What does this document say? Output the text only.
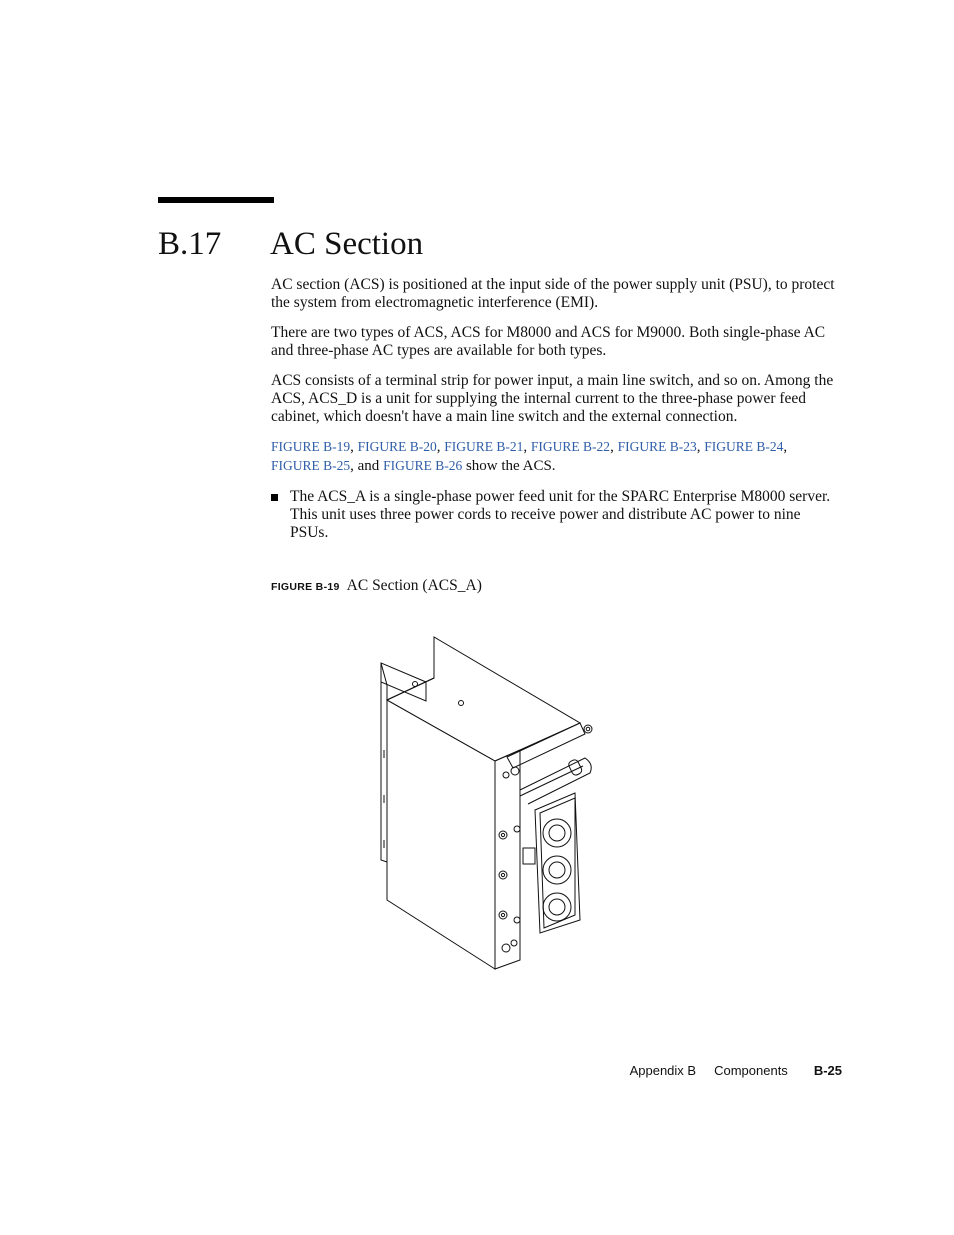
B.17 AC Section

AC section (ACS) is positioned at the input side of the power supply unit (PSU), to protect the system from electromagnetic interference (EMI).

There are two types of ACS, ACS for M8000 and ACS for M9000. Both single-phase AC and three-phase AC types are available for both types.

ACS consists of a terminal strip for power input, a main line switch, and so on. Among the ACS, ACS_D is a unit for supplying the internal current to the three-phase power feed cabinet, which doesn't have a main line switch and the external connection.

FIGURE B-19, FIGURE B-20, FIGURE B-21, FIGURE B-22, FIGURE B-23, FIGURE B-24,
FIGURE B-25, and FIGURE B-26 show the ACS.

The ACS_A is a single-phase power feed unit for the SPARC Enterprise M8000 server. This unit uses three power cords to receive power and distribute AC power to nine PSUs.
FIGURE B-19 AC Section (ACS_A)
Appendix B Components B-25
